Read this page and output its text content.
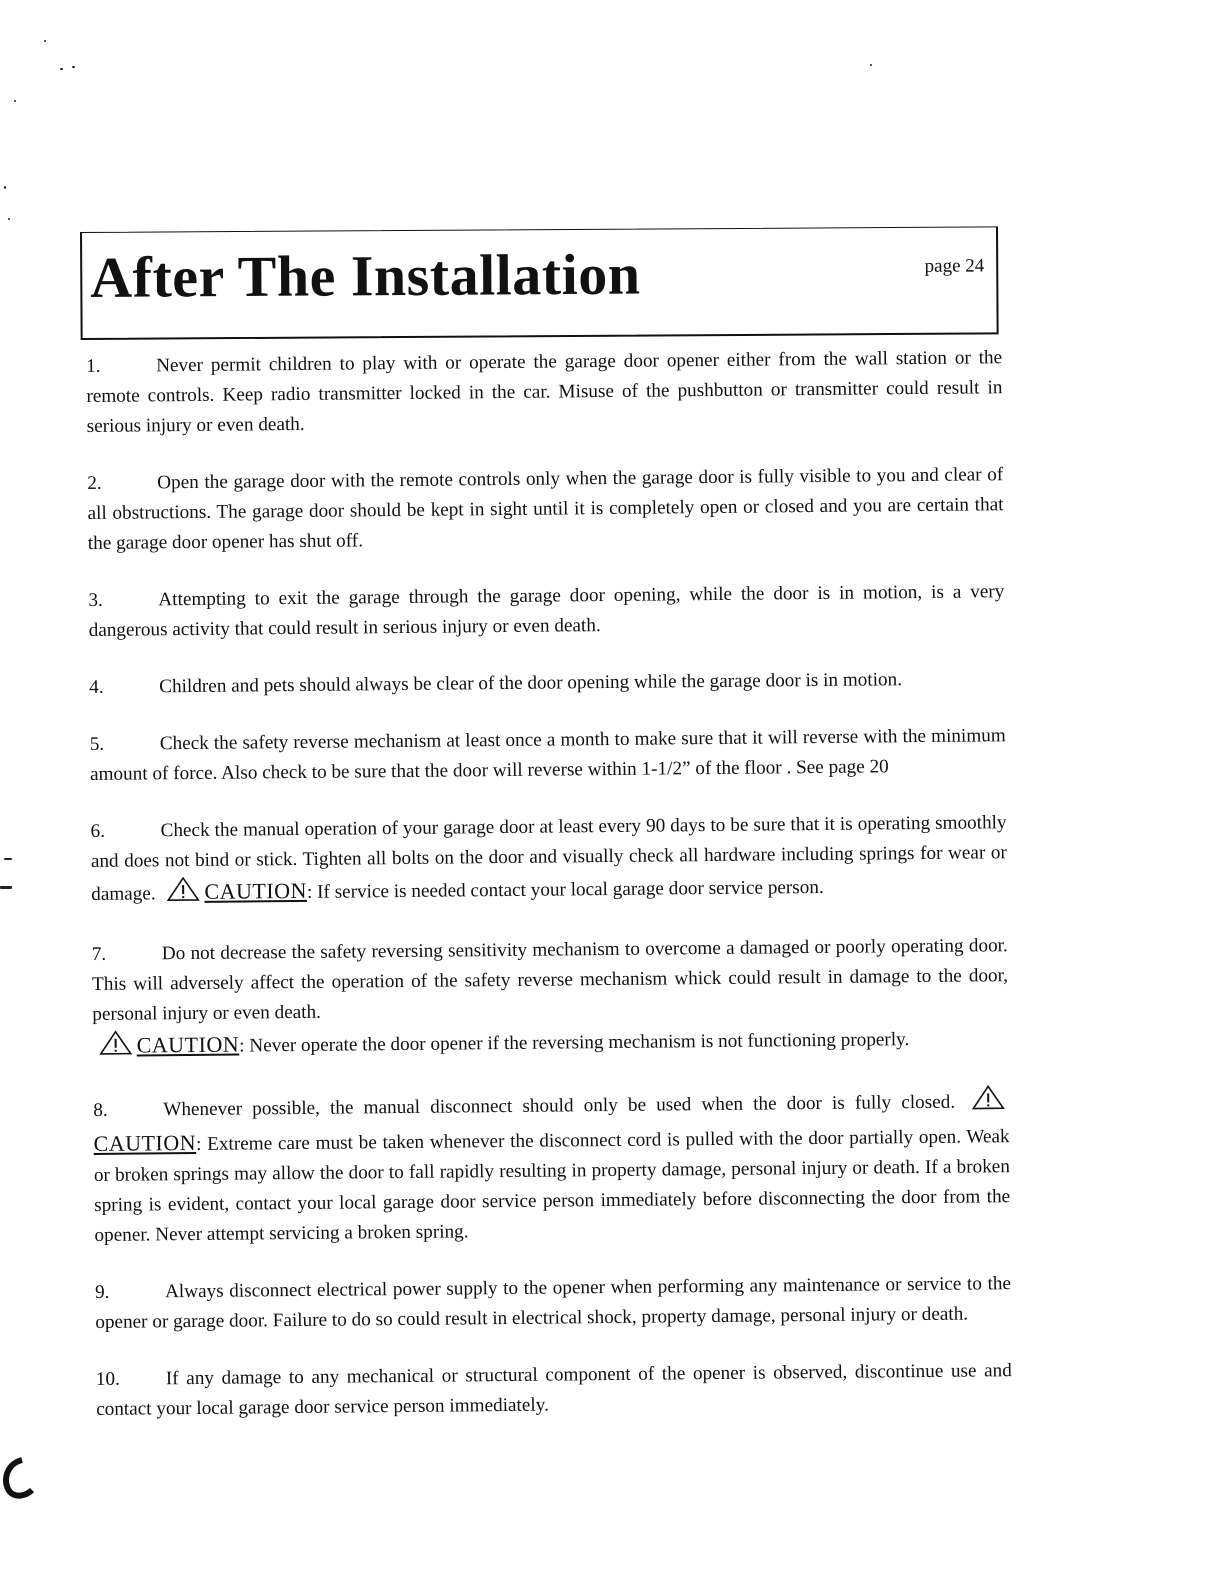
After The Installation	page 24

1.	Never permit children to play with or operate the garage door opener either from the wall station or the remote controls. Keep radio transmitter locked in the car. Misuse of the pushbutton or transmitter could result in serious injury or even death.

2.	Open the garage door with the remote controls only when the garage door is fully visible to you and clear of all obstructions. The garage door should be kept in sight until it is completely open or closed and you are certain that the garage door opener has shut off.

3.	Attempting to exit the garage through the garage door opening, while the door is in motion, is a very dangerous activity that could result in serious injury or even death.

4.	Children and pets should always be clear of the door opening while the garage door is in motion.

5.	Check the safety reverse mechanism at least once a month to make sure that it will reverse with the minimum amount of force. Also check to be sure that the door will reverse within 1-1/2” of the floor . See page 20

6.	Check the manual operation of your garage door at least every 90 days to be sure that it is operating smoothly and does not bind or stick. Tighten all bolts on the door and visually check all hardware including springs for wear or damage. CAUTION: If service is needed contact your local garage door service person.

7.	Do not decrease the safety reversing sensitivity mechanism to overcome a damaged or poorly operating door. This will adversely affect the operation of the safety reverse mechanism whick could result in damage to the door, personal injury or even death.
CAUTION: Never operate the door opener if the reversing mechanism is not functioning properly.

8.	Whenever possible, the manual disconnect should only be used when the door is fully closed. CAUTION: Extreme care must be taken whenever the disconnect cord is pulled with the door partially open. Weak or broken springs may allow the door to fall rapidly resulting in property damage, personal injury or death. If a broken spring is evident, contact your local garage door service person immediately before disconnecting the door from the opener. Never attempt servicing a broken spring.

9.	Always disconnect electrical power supply to the opener when performing any maintenance or service to the opener or garage door. Failure to do so could result in electrical shock, property damage, personal injury or death.

10. If any damage to any mechanical or structural component of the opener is observed, discontinue use and contact your local garage door service person immediately.
